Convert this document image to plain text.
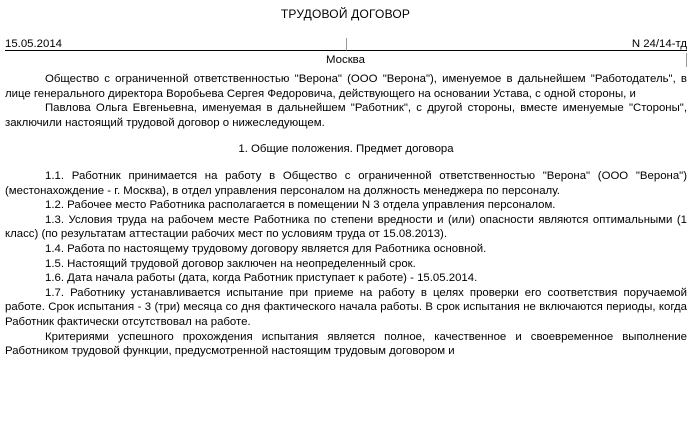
ТРУДОВОЙ ДОГОВОР
15.05.2014	N 24/14-тд
Москва

Общество с ограниченной ответственностью "Верона" (ООО "Верона"), именуемое в дальнейшем "Работодатель", в лице генерального директора Воробьева Сергея Федоровича, действующего на основании Устава, с одной стороны, и

Павлова Ольга Евгеньевна, именуемая в дальнейшем "Работник", с другой стороны, вместе именуемые "Стороны", заключили настоящий трудовой договор о нижеследующем.

1. Общие положения. Предмет договора

1.1. Работник принимается на работу в Общество с ограниченной ответственностью "Верона" (ООО "Верона") (местонахождение - г. Москва), в отдел управления персоналом на должность менеджера по персоналу.

1.2. Рабочее место Работника располагается в помещении N 3 отдела управления персоналом.

1.3. Условия труда на рабочем месте Работника по степени вредности и (или) опасности являются оптимальными (1 класс) (по результатам аттестации рабочих мест по условиям труда от 15.08.2013).

1.4. Работа по настоящему трудовому договору является для Работника основной.

1.5. Настоящий трудовой договор заключен на неопределенный срок.

1.6. Дата начала работы (дата, когда Работник приступает к работе) - 15.05.2014.

1.7. Работнику устанавливается испытание при приеме на работу в целях проверки его соответствия поручаемой работе. Срок испытания - 3 (три) месяца со дня фактического начала работы. В срок испытания не включаются периоды, когда Работник фактически отсутствовал на работе.

Критериями успешного прохождения испытания является полное, качественное и своевременное выполнение Работником трудовой функции, предусмотренной настоящим трудовым договором и
